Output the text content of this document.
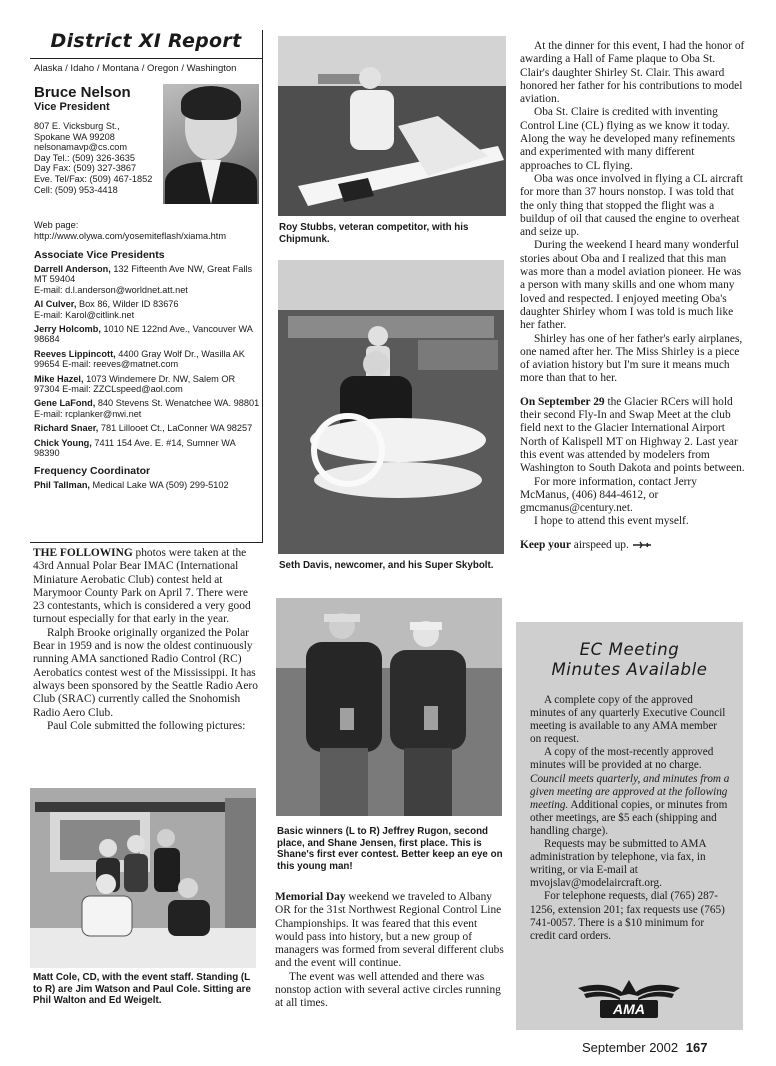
District XI Report
Alaska / Idaho / Montana / Oregon / Washington
Bruce Nelson
Vice President
807 E. Vicksburg St.,
Spokane WA 99208
nelsonamavp@cs.com
Day Tel.: (509) 326-3635
Day Fax: (509) 327-3867
Eve. Tel/Fax: (509) 467-1852
Cell: (509) 953-4418
Web page:
http://www.olywa.com/yosemiteflash/xiama.htm
Associate Vice Presidents
Darrell Anderson, 132 Fifteenth Ave NW, Great Falls MT 59404
E-mail: d.l.anderson@worldnet.att.net
Al Culver, Box 86, Wilder ID 83676
E-mail: Karol@citlink.net
Jerry Holcomb, 1010 NE 122nd Ave., Vancouver WA 98684
Reeves Lippincott, 4400 Gray Wolf Dr., Wasilla AK 99654 E-mail: reeves@matnet.com
Mike Hazel, 1073 Windemere Dr. NW, Salem OR 97304 E-mail: ZZCLspeed@aol.com
Gene LaFond, 840 Stevens St. Wenatchee WA. 98801 E-mail: rcplanker@nwi.net
Richard Snaer, 781 Lillooet Ct., LaConner WA 98257
Chick Young, 7411 154 Ave. E. #14, Sumner WA 98390
Frequency Coordinator
Phil Tallman, Medical Lake WA (509) 299-5102

THE FOLLOWING photos were taken at the 43rd Annual Polar Bear IMAC (International Miniature Aerobatic Club) contest held at Marymoor County Park on April 7. There were 23 contestants, which is considered a very good turnout especially for that early in the year.

Ralph Brooke originally organized the Polar Bear in 1959 and is now the oldest continuously running AMA sanctioned Radio Control (RC) Aerobatics contest west of the Mississippi. It has always been sponsored by the Seattle Radio Aero Club (SRAC) currently called the Snohomish Radio Aero Club.

Paul Cole submitted the following pictures:

Matt Cole, CD, with the event staff. Standing (L to R) are Jim Watson and Paul Cole. Sitting are Phil Walton and Ed Weigelt.
Roy Stubbs, veteran competitor, with his Chipmunk.
Seth Davis, newcomer, and his Super Skybolt.
Basic winners (L to R) Jeffrey Rugon, second place, and Shane Jensen, first place. This is Shane's first ever contest. Better keep an eye on this young man!

Memorial Day weekend we traveled to Albany OR for the 31st Northwest Regional Control Line Championships. It was feared that this event would pass into history, but a new group of managers was formed from several different clubs and the event will continue.

The event was well attended and there was nonstop action with several active circles running at all times.

At the dinner for this event, I had the honor of awarding a Hall of Fame plaque to Oba St. Clair's daughter Shirley St. Clair. This award honored her father for his contributions to model aviation.

Oba St. Claire is credited with inventing Control Line (CL) flying as we know it today. Along the way he developed many refinements and experimented with many different approaches to CL flying.

Oba was once involved in flying a CL aircraft for more than 37 hours nonstop. I was told that the only thing that stopped the flight was a buildup of oil that caused the engine to overheat and seize up.

During the weekend I heard many wonderful stories about Oba and I realized that this man was more than a model aviation pioneer. He was a person with many skills and one whom many loved and respected. I enjoyed meeting Oba's daughter Shirley whom I was told is much like her father.

Shirley has one of her father's early airplanes, one named after her. The Miss Shirley is a piece of aviation history but I'm sure it means much more than that to her.

On September 29 the Glacier RCers will hold their second Fly-In and Swap Meet at the club field next to the Glacier International Airport North of Kalispell MT on Highway 2. Last year this event was attended by modelers from Washington to South Dakota and points between.

For more information, contact Jerry McManus, (406) 844-4612, or gmcmanus@century.net.

I hope to attend this event myself.

Keep your airspeed up.

EC Meeting
Minutes Available

A complete copy of the approved minutes of any quarterly Executive Council meeting is available to any AMA member on request.

A copy of the most-recently approved minutes will be provided at no charge. Council meets quarterly, and minutes from a given meeting are approved at the following meeting. Additional copies, or minutes from other meetings, are $5 each (shipping and handling charge).

Requests may be submitted to AMA administration by telephone, via fax, in writing, or via E-mail at mvojslav@modelaircraft.org.

For telephone requests, dial (765) 287-1256, extension 201; fax requests use (765) 741-0057. There is a $10 minimum for credit card orders.

AMA
September 2002 167
